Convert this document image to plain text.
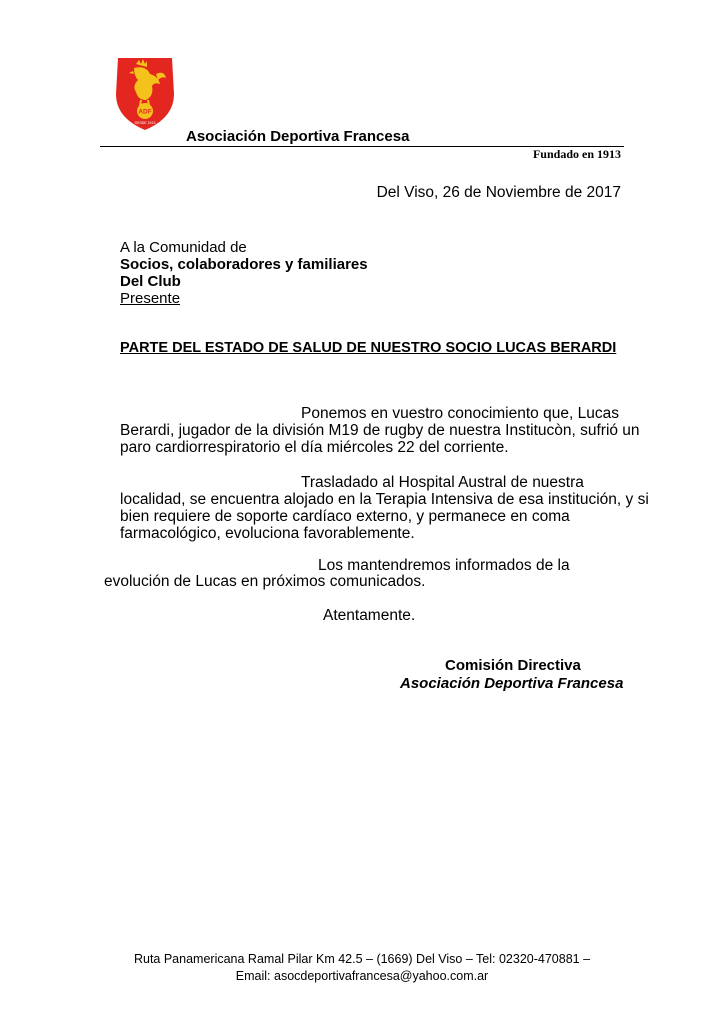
ADF
DESDE 1913

Asociación Deportiva Francesa

Fundado en 1913

Del Viso, 26 de Noviembre de 2017

A la Comunidad de

Socios, colaboradores y familiares

Del Club

Presente

PARTE DEL ESTADO DE SALUD DE NUESTRO SOCIO LUCAS BERARDI

Ponemos en vuestro conocimiento que, Lucas

Berardi, jugador de la división M19 de rugby de nuestra Institucòn, sufrió un

paro cardiorrespiratorio el día miércoles 22 del corriente.

Trasladado al Hospital Austral de nuestra

localidad, se encuentra alojado en la Terapia Intensiva de esa institución, y si

bien requiere de soporte cardíaco externo, y permanece en coma

farmacológico, evoluciona favorablemente.

Los mantendremos informados de la

evolución de Lucas en próximos comunicados.

Atentamente.

Comisión Directiva

Asociación Deportiva Francesa

Ruta Panamericana Ramal Pilar Km 42.5 – (1669) Del Viso – Tel: 02320-470881 –

Email: asocdeportivafrancesa@yahoo.com.ar
